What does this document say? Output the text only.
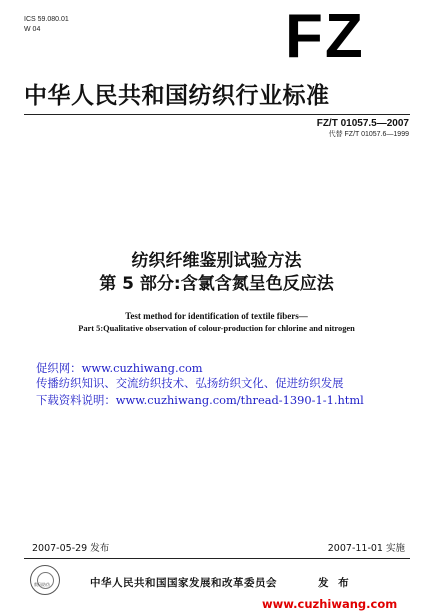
ICS 59.080.01
W 04	FZ
中华人民共和国纺织行业标准
FZ/T 01057.5—2007
代替 FZ/T 01057.6—1999
纺织纤维鉴别试验方法
第 5 部分:含氯含氮呈色反应法
Test method for identification of textile fibers—
Part 5:Qualitative observation of colour-production for chlorine and nitrogen
促织网：www.cuzhiwang.com
传播纺织知识、交流纺织技术、弘扬纺织文化、促进纺织发展
下载资料说明：www.cuzhiwang.com/thread-1390-1-1.html
2007-05-29 发布	2007-11-01 实施
数码防伪	中华人民共和国国家发展和改革委员会	发 布
www.cuzhiwang.com
